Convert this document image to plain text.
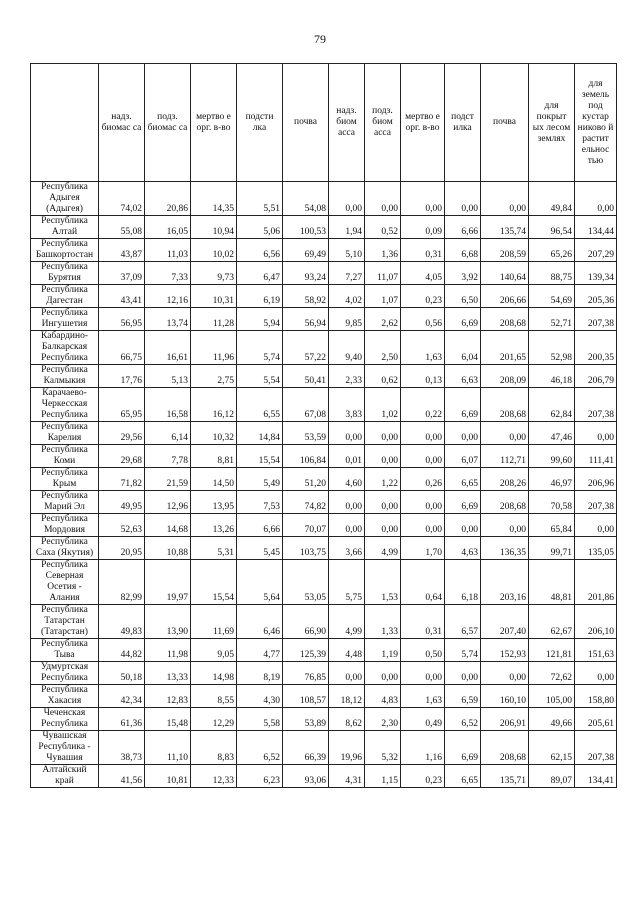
79
	надз. биомас са	подз. биомас са	мертво е орг. в-во	подсти лка	почва	надз. биом асса	подз. биом асса	мертво е орг. в-во	подст илка	почва	для покрыт ых лесом землях	для земель под кустар никово й растит ельнос тью
Республика Адыгея (Адыгея)	74,02	20,86	14,35	5,51	54,08	0,00	0,00	0,00	0,00	0,00	49,84	0,00
Республика Алтай	55,08	16,05	10,94	5,06	100,53	1,94	0,52	0,09	6,66	135,74	96,54	134,44
Республика Башкортостан	43,87	11,03	10,02	6,56	69,49	5,10	1,36	0,31	6,68	208,59	65,26	207,29
Республика Бурятия	37,09	7,33	9,73	6,47	93,24	7,27	11,07	4,05	3,92	140,64	88,75	139,34
Республика Дагестан	43,41	12,16	10,31	6,19	58,92	4,02	1,07	0,23	6,50	206,66	54,69	205,36
Республика Ингушетия	56,95	13,74	11,28	5,94	56,94	9,85	2,62	0,56	6,69	208,68	52,71	207,38
Кабардино-Балкарская Республика	66,75	16,61	11,96	5,74	57,22	9,40	2,50	1,63	6,04	201,65	52,98	200,35
Республика Калмыкия	17,76	5,13	2,75	5,54	50,41	2,33	0,62	0,13	6,63	208,09	46,18	206,79
Карачаево-Черкесская Республика	65,95	16,58	16,12	6,55	67,08	3,83	1,02	0,22	6,69	208,68	62,84	207,38
Республика Карелия	29,56	6,14	10,32	14,84	53,59	0,00	0,00	0,00	0,00	0,00	47,46	0,00
Республика Коми	29,68	7,78	8,81	15,54	106,84	0,01	0,00	0,00	6,07	112,71	99,60	111,41
Республика Крым	71,82	21,59	14,50	5,49	51,20	4,60	1,22	0,26	6,65	208,26	46,97	206,96
Республика Марий Эл	49,95	12,96	13,95	7,53	74,82	0,00	0,00	0,00	6,69	208,68	70,58	207,38
Республика Мордовия	52,63	14,68	13,26	6,66	70,07	0,00	0,00	0,00	0,00	0,00	65,84	0,00
Республика Саха (Якутия)	20,95	10,88	5,31	5,45	103,75	3,66	4,99	1,70	4,63	136,35	99,71	135,05
Республика Северная Осетия - Алания	82,99	19,97	15,54	5,64	53,05	5,75	1,53	0,64	6,18	203,16	48,81	201,86
Республика Татарстан (Татарстан)	49,83	13,90	11,69	6,46	66,90	4,99	1,33	0,31	6,57	207,40	62,67	206,10
Республика Тыва	44,82	11,98	9,05	4,77	125,39	4,48	1,19	0,50	5,74	152,93	121,81	151,63
Удмуртская Республика	50,18	13,33	14,98	8,19	76,85	0,00	0,00	0,00	0,00	0,00	72,62	0,00
Республика Хакасия	42,34	12,83	8,55	4,30	108,57	18,12	4,83	1,63	6,59	160,10	105,00	158,80
Чеченская Республика	61,36	15,48	12,29	5,58	53,89	8,62	2,30	0,49	6,52	206,91	49,66	205,61
Чувашская Республика - Чувашия	38,73	11,10	8,83	6,52	66,39	19,96	5,32	1,16	6,69	208,68	62,15	207,38
Алтайский край	41,56	10,81	12,33	6,23	93,06	4,31	1,15	0,23	6,65	135,71	89,07	134,41
